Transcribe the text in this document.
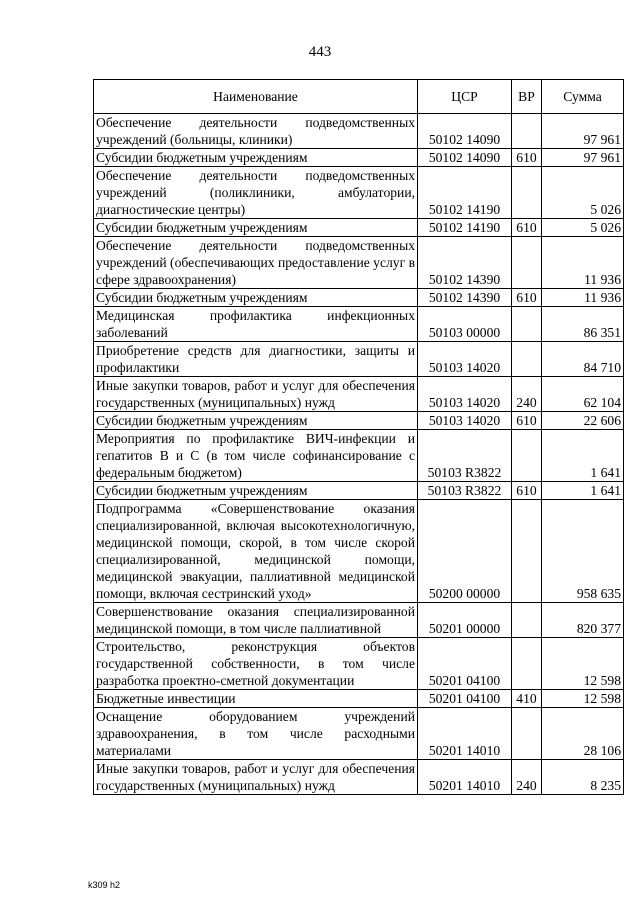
443
Наименование	ЦСР	ВР	Сумма
Обеспечение деятельности подведомственных учреждений (больницы, клиники)	50102 14090		97 961
Субсидии бюджетным учреждениям	50102 14090	610	97 961
Обеспечение деятельности подведомственных учреждений (поликлиники, амбулатории, диагностические центры)	50102 14190		5 026
Субсидии бюджетным учреждениям	50102 14190	610	5 026
Обеспечение деятельности подведомственных учреждений (обеспечивающих предоставление услуг в сфере здравоохранения)	50102 14390		11 936
Субсидии бюджетным учреждениям	50102 14390	610	11 936
Медицинская профилактика инфекционных заболеваний	50103 00000		86 351
Приобретение средств для диагностики, защиты и профилактики	50103 14020		84 710
Иные закупки товаров, работ и услуг для обеспечения государственных (муниципальных) нужд	50103 14020	240	62 104
Субсидии бюджетным учреждениям	50103 14020	610	22 606
Мероприятия по профилактике ВИЧ-инфекции и гепатитов В и С (в том числе софинансирование с федеральным бюджетом)	50103 R3822		1 641
Субсидии бюджетным учреждениям	50103 R3822	610	1 641
Подпрограмма «Совершенствование оказания специализированной, включая высокотехнологичную, медицинской помощи, скорой, в том числе скорой специализированной, медицинской помощи, медицинской эвакуации, паллиативной медицинской помощи, включая сестринский уход»	50200 00000		958 635
Совершенствование оказания специализированной медицинской помощи, в том числе паллиативной	50201 00000		820 377
Строительство, реконструкция объектов государственной собственности, в том числе разработка проектно-сметной документации	50201 04100		12 598
Бюджетные инвестиции	50201 04100	410	12 598
Оснащение оборудованием учреждений здравоохранения, в том числе расходными материалами	50201 14010		28 106
Иные закупки товаров, работ и услуг для обеспечения государственных (муниципальных) нужд	50201 14010	240	8 235
k309 h2
